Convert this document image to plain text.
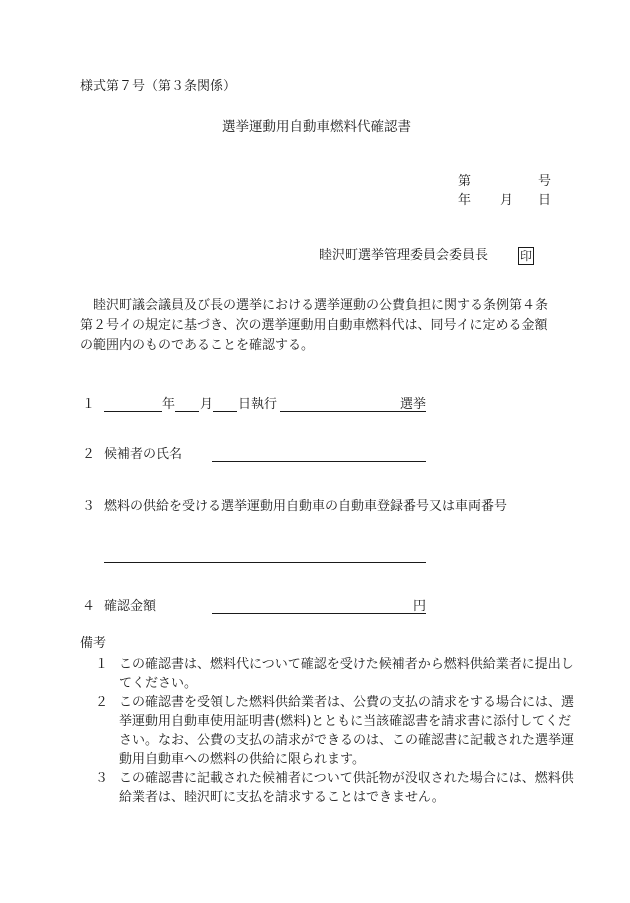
様式第７号（第３条関係）
選挙運動用自動車燃料代確認書
第	号
年 月 日
睦沢町選挙管理委員会委員長	印
睦沢町議会議員及び長の選挙における選挙運動の公費負担に関する条例第４条第２号イの規定に基づき、次の選挙運動用自動車燃料代は、同号イに定める金額の範囲内のものであることを確認する。
１	年 月 日執行	選挙
２ 候補者の氏名
３ 燃料の供給を受ける選挙運動用自動車の自動車登録番号又は車両番号
４ 確認金額	円
備考
１ この確認書は、燃料代について確認を受けた候補者から燃料供給業者に提出してください。
２ この確認書を受領した燃料供給業者は、公費の支払の請求をする場合には、選挙運動用自動車使用証明書(燃料)とともに当該確認書を請求書に添付してください。なお、公費の支払の請求ができるのは、この確認書に記載された選挙運動用自動車への燃料の供給に限られます。
３ この確認書に記載された候補者について供託物が没収された場合には、燃料供給業者は、睦沢町に支払を請求することはできません。
